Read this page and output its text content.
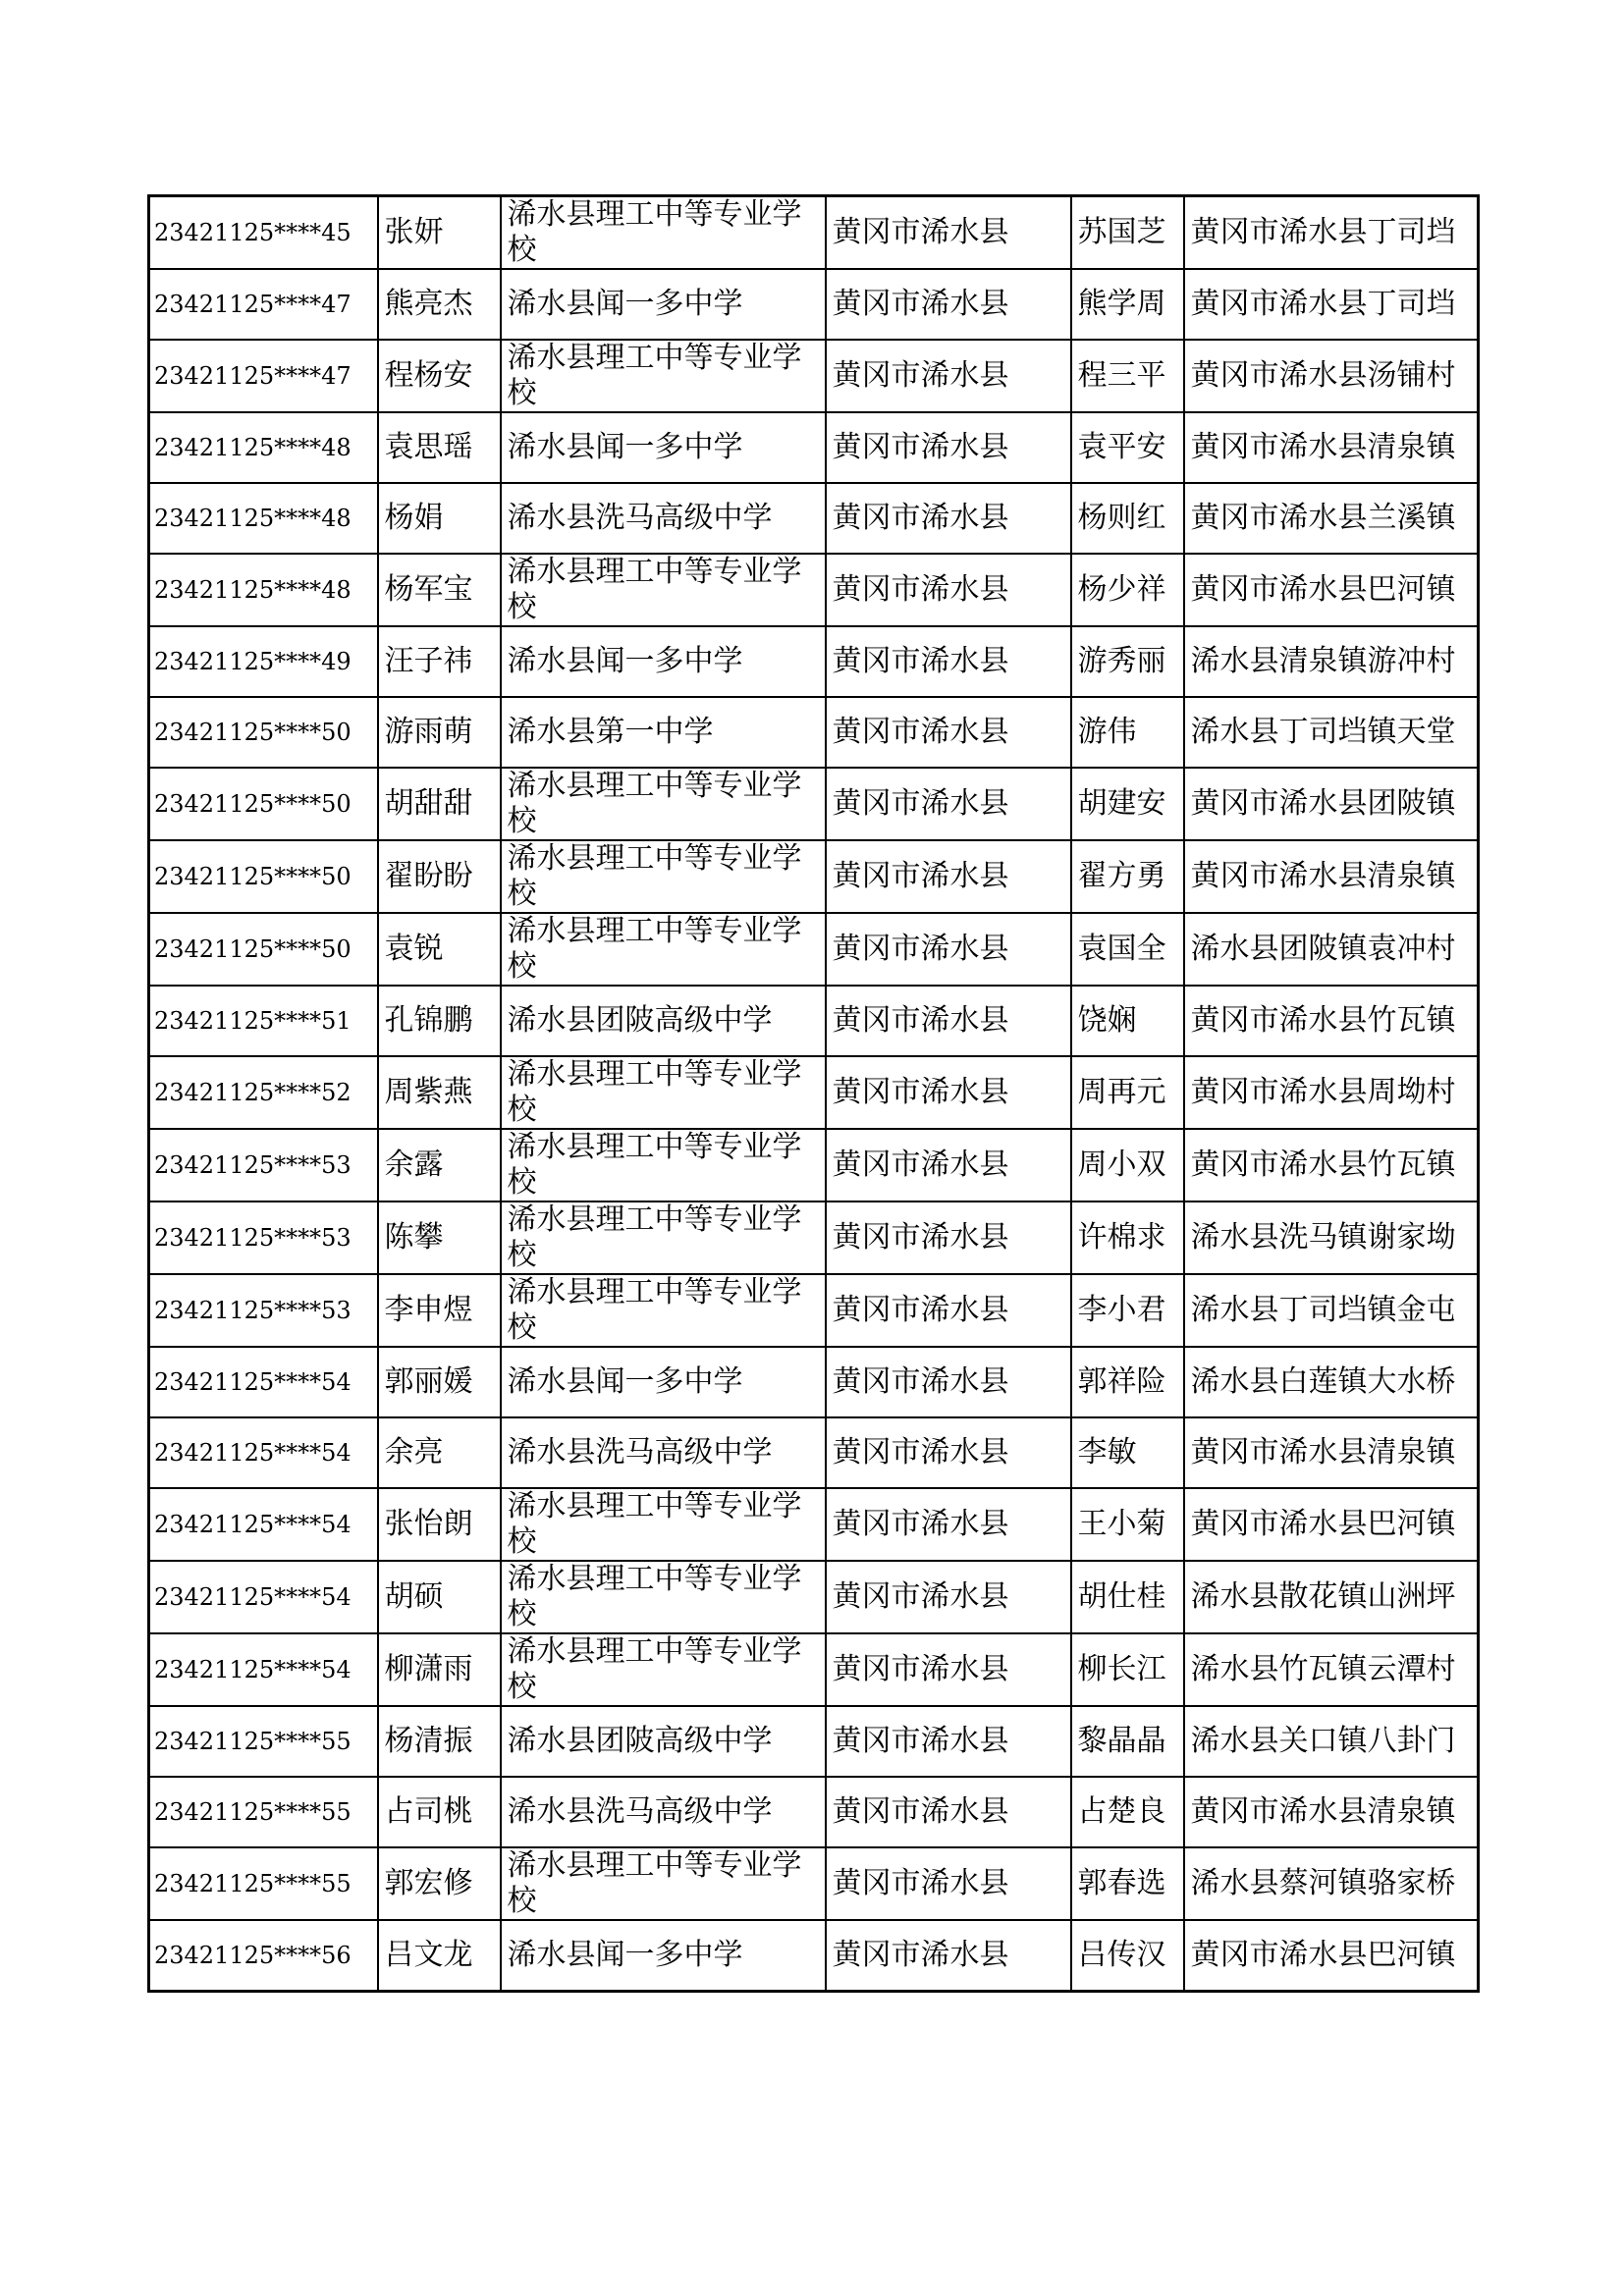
23421125****45	张妍	浠水县理工中等专业学校	黄冈市浠水县	苏国芝	黄冈市浠水县丁司垱
23421125****47	熊亮杰	浠水县闻一多中学	黄冈市浠水县	熊学周	黄冈市浠水县丁司垱
23421125****47	程杨安	浠水县理工中等专业学校	黄冈市浠水县	程三平	黄冈市浠水县汤铺村
23421125****48	袁思瑶	浠水县闻一多中学	黄冈市浠水县	袁平安	黄冈市浠水县清泉镇
23421125****48	杨娟	浠水县洗马高级中学	黄冈市浠水县	杨则红	黄冈市浠水县兰溪镇
23421125****48	杨军宝	浠水县理工中等专业学校	黄冈市浠水县	杨少祥	黄冈市浠水县巴河镇
23421125****49	汪子祎	浠水县闻一多中学	黄冈市浠水县	游秀丽	浠水县清泉镇游冲村
23421125****50	游雨萌	浠水县第一中学	黄冈市浠水县	游伟	浠水县丁司垱镇天堂
23421125****50	胡甜甜	浠水县理工中等专业学校	黄冈市浠水县	胡建安	黄冈市浠水县团陂镇
23421125****50	翟盼盼	浠水县理工中等专业学校	黄冈市浠水县	翟方勇	黄冈市浠水县清泉镇
23421125****50	袁锐	浠水县理工中等专业学校	黄冈市浠水县	袁国全	浠水县团陂镇袁冲村
23421125****51	孔锦鹏	浠水县团陂高级中学	黄冈市浠水县	饶娴	黄冈市浠水县竹瓦镇
23421125****52	周紫燕	浠水县理工中等专业学校	黄冈市浠水县	周再元	黄冈市浠水县周坳村
23421125****53	余露	浠水县理工中等专业学校	黄冈市浠水县	周小双	黄冈市浠水县竹瓦镇
23421125****53	陈攀	浠水县理工中等专业学校	黄冈市浠水县	许棉求	浠水县洗马镇谢家坳
23421125****53	李申煜	浠水县理工中等专业学校	黄冈市浠水县	李小君	浠水县丁司垱镇金屯
23421125****54	郭丽媛	浠水县闻一多中学	黄冈市浠水县	郭祥险	浠水县白莲镇大水桥
23421125****54	余亮	浠水县洗马高级中学	黄冈市浠水县	李敏	黄冈市浠水县清泉镇
23421125****54	张怡朗	浠水县理工中等专业学校	黄冈市浠水县	王小菊	黄冈市浠水县巴河镇
23421125****54	胡硕	浠水县理工中等专业学校	黄冈市浠水县	胡仕桂	浠水县散花镇山洲坪
23421125****54	柳潇雨	浠水县理工中等专业学校	黄冈市浠水县	柳长江	浠水县竹瓦镇云潭村
23421125****55	杨清振	浠水县团陂高级中学	黄冈市浠水县	黎晶晶	浠水县关口镇八卦门
23421125****55	占司桃	浠水县洗马高级中学	黄冈市浠水县	占楚良	黄冈市浠水县清泉镇
23421125****55	郭宏修	浠水县理工中等专业学校	黄冈市浠水县	郭春选	浠水县蔡河镇骆家桥
23421125****56	吕文龙	浠水县闻一多中学	黄冈市浠水县	吕传汉	黄冈市浠水县巴河镇
